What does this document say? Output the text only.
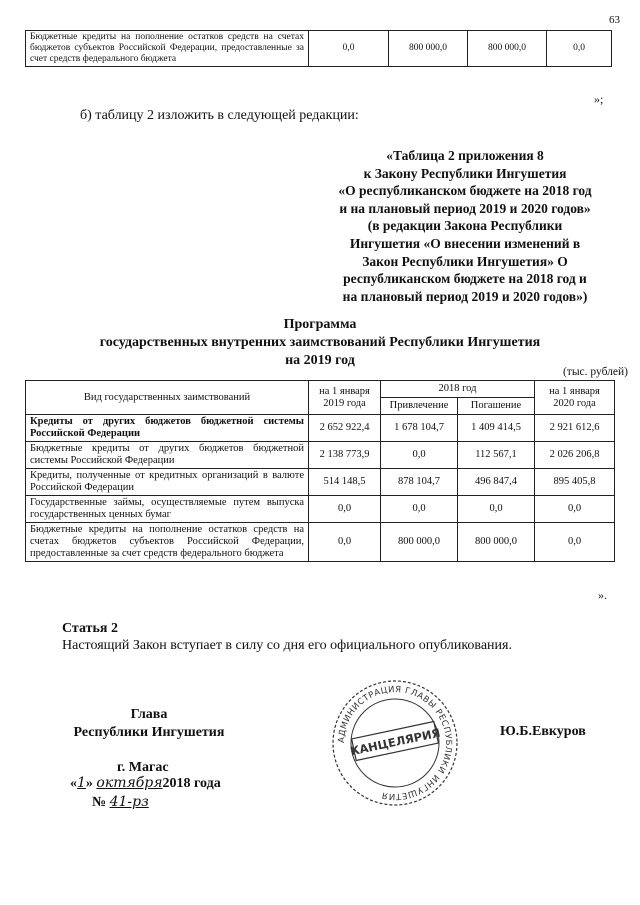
63
Бюджетные кредиты на пополнение остатков средств на счетах бюджетов субъектов Российской Федерации, предоставленные за счет средств федерального бюджета	0,0	800 000,0	800 000,0	0,0
»;
б) таблицу 2 изложить в следующей редакции:
«Таблица 2 приложения 8
к Закону Республики Ингушетия
«О республиканском бюджете на 2018 год
и на плановый период 2019 и 2020 годов»
(в редакции Закона Республики
Ингушетия «О внесении изменений в
Закон Республики Ингушетия» О
республиканском бюджете на 2018 год и
на плановый период 2019 и 2020 годов»)
Программа
государственных внутренних заимствований Республики Ингушетия
на 2019 год
(тыс. рублей)
Вид государственных заимствований	на 1 января 2019 года	2018 год		на 1 января 2020 года
		Привлечение	Погашение	
Кредиты от других бюджетов бюджетной системы Российской Федерации	2 652 922,4	1 678 104,7	1 409 414,5	2 921 612,6
Бюджетные кредиты от других бюджетов бюджетной системы Российской Федерации	2 138 773,9	0,0	112 567,1	2 026 206,8
Кредиты, полученные от кредитных организаций в валюте Российской Федерации	514 148,5	878 104,7	496 847,4	895 405,8
Государственные займы, осуществляемые путем выпуска государственных ценных бумаг	0,0	0,0	0,0	0,0
Бюджетные кредиты на пополнение остатков средств на счетах бюджетов субъектов Российской Федерации, предоставленные за счет средств федерального бюджета	0,0	800 000,0	800 000,0	0,0
».
Статья 2
Настоящий Закон вступает в силу со дня его официального опубликования.
Глава
Республики Ингушетия	АДМИНИСТРАЦИЯ ГЛАВЫ РЕСПУБЛИКИ ИНГУШЕТИЯ
КАНЦЕЛЯРИЯ	Ю.Б.Евкуров
г. Магас
«1» октября2018 года
№ 41-рз
